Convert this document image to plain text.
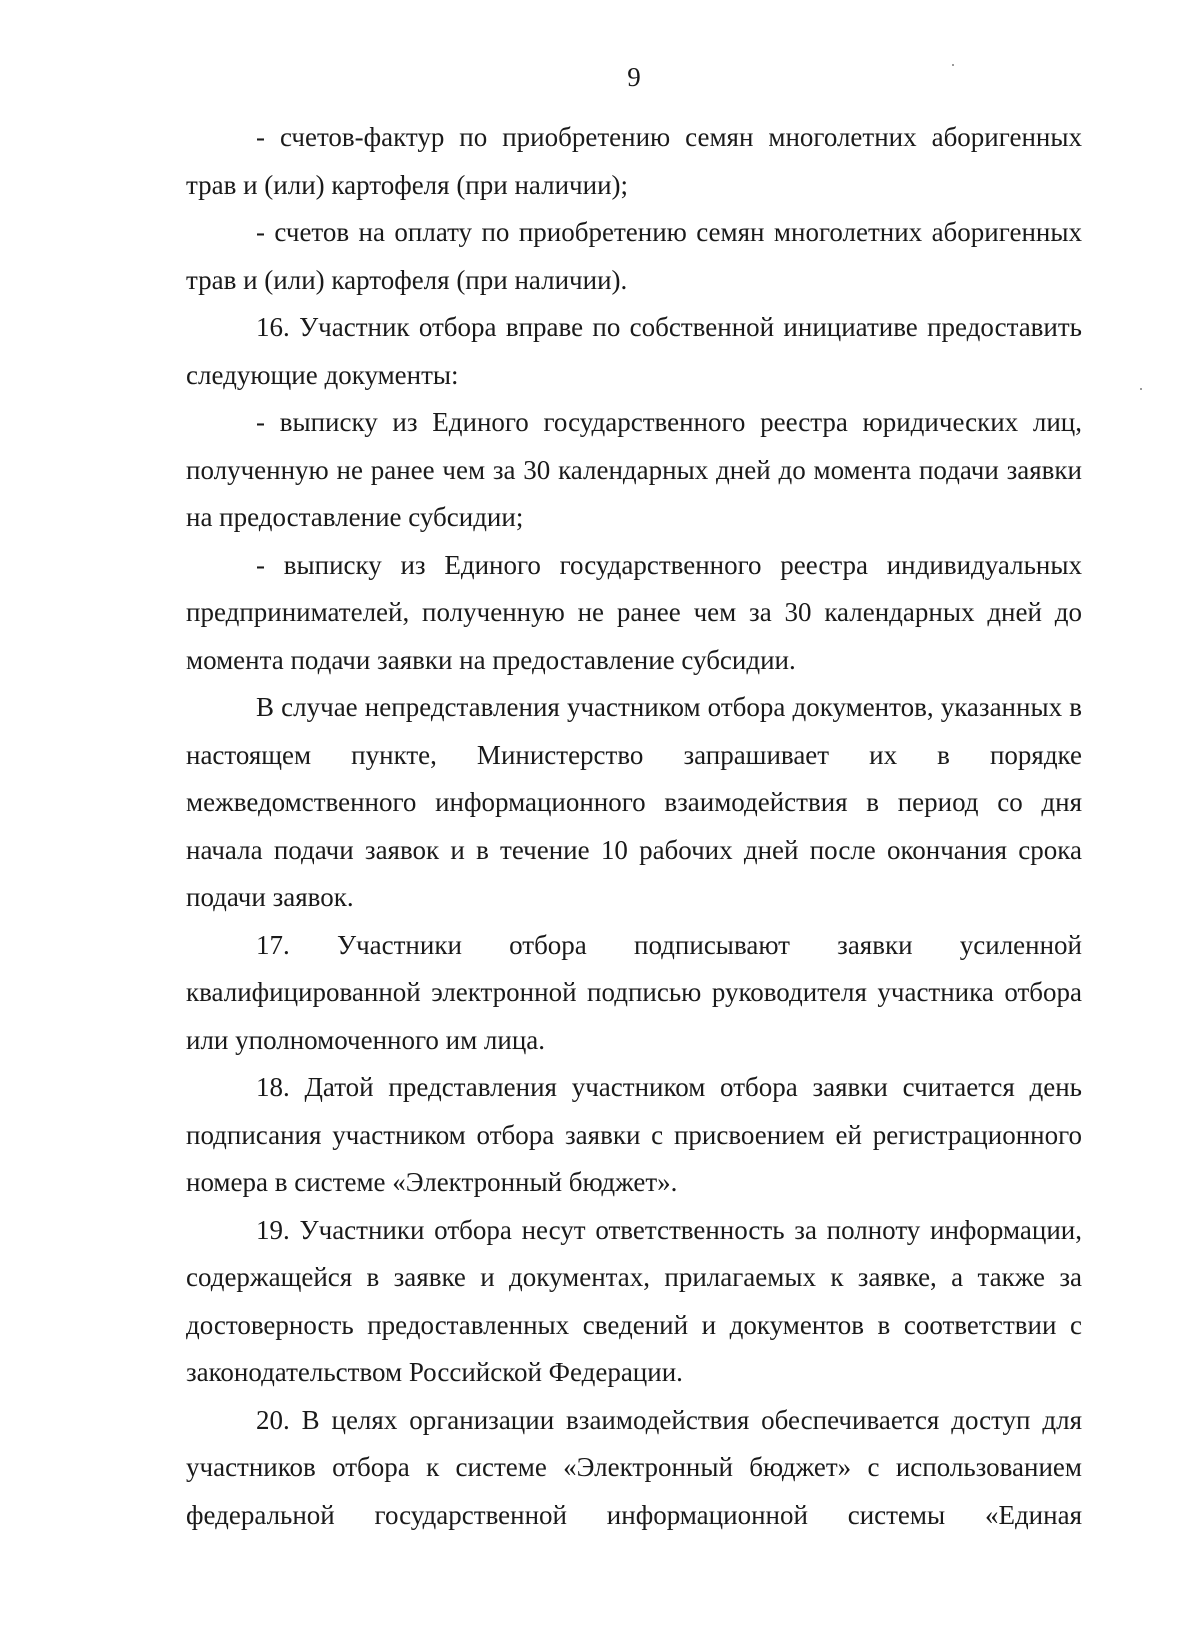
9

- счетов-фактур по приобретению семян многолетних аборигенных трав и (или) картофеля (при наличии);

- счетов на оплату по приобретению семян многолетних аборигенных трав и (или) картофеля (при наличии).

16. Участник отбора вправе по собственной инициативе предоставить следующие документы:

- выписку из Единого государственного реестра юридических лиц, полученную не ранее чем за 30 календарных дней до момента подачи заявки на предоставление субсидии;

- выписку из Единого государственного реестра индивидуальных предпринимателей, полученную не ранее чем за 30 календарных дней до момента подачи заявки на предоставление субсидии.

В случае непредставления участником отбора документов, указанных в настоящем пункте, Министерство запрашивает их в порядке межведомственного информационного взаимодействия в период со дня начала подачи заявок и в течение 10 рабочих дней после окончания срока подачи заявок.

17. Участники отбора подписывают заявки усиленной квалифицированной электронной подписью руководителя участника отбора или уполномоченного им лица.

18. Датой представления участником отбора заявки считается день подписания участником отбора заявки с присвоением ей регистрационного номера в системе «Электронный бюджет».

19. Участники отбора несут ответственность за полноту информации, содержащейся в заявке и документах, прилагаемых к заявке, а также за достоверность предоставленных сведений и документов в соответствии с законодательством Российской Федерации.

20. В целях организации взаимодействия обеспечивается доступ для участников отбора к системе «Электронный бюджет» с использованием федеральной государственной информационной системы «Единая
